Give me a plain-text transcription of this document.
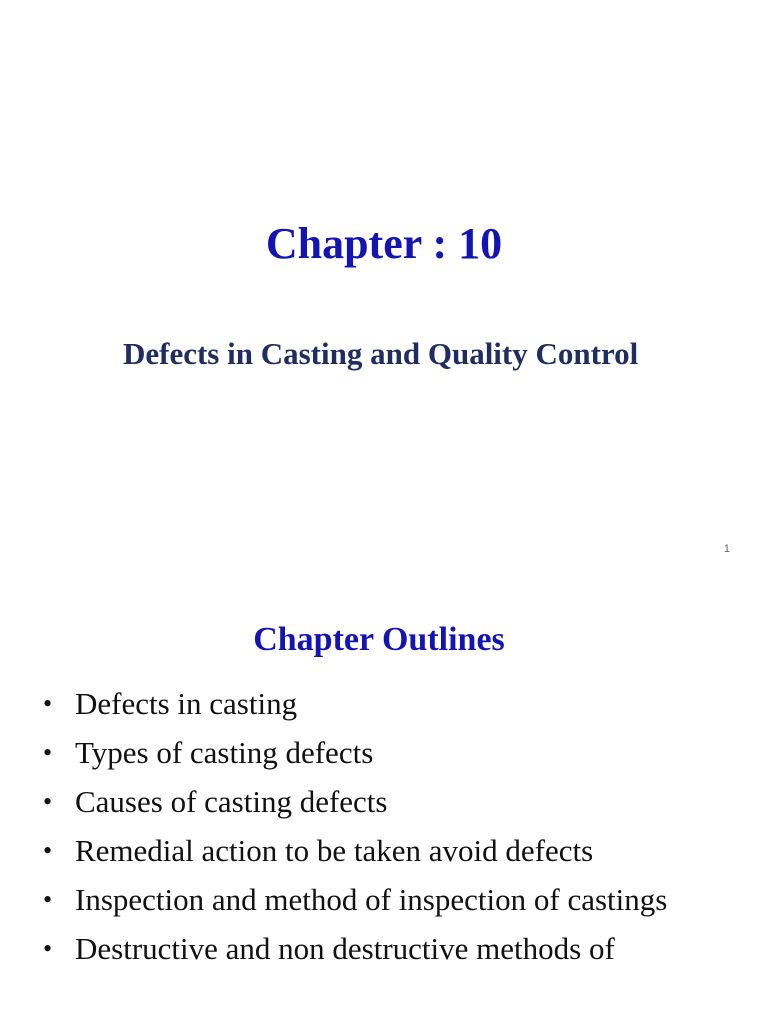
Chapter : 10
Defects in Casting and Quality Control
1
Chapter Outlines
• Defects in casting
• Types of casting defects
• Causes of casting defects
• Remedial action to be taken avoid defects
• Inspection and method of inspection of castings
• Destructive and non destructive methods of
